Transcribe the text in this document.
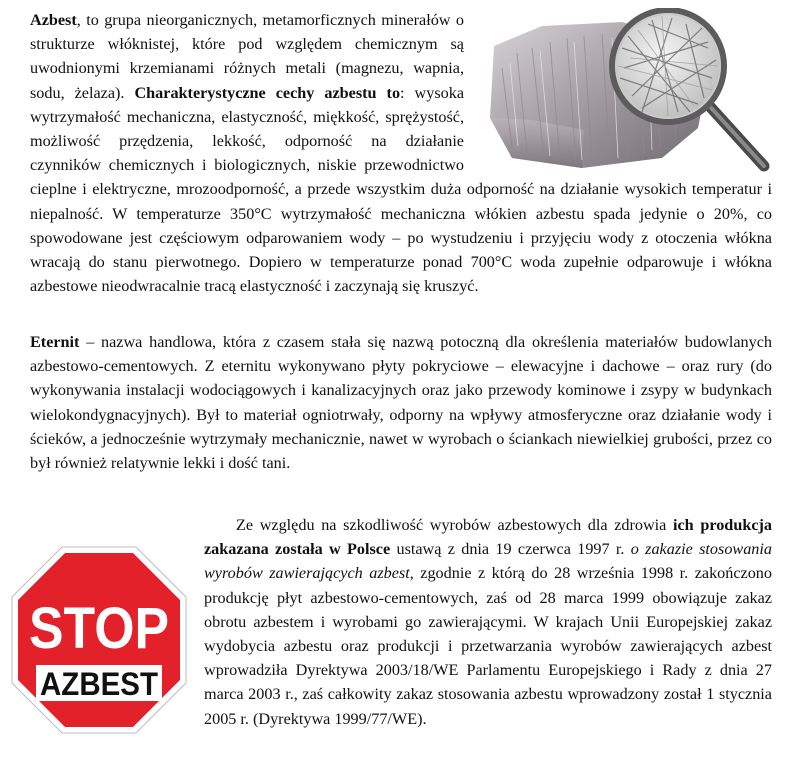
Azbest, to grupa nieorganicznych, metamorficznych minerałów o strukturze włóknistej, które pod względem chemicznym są uwodnionymi krzemianami różnych metali (magnezu, wapnia, sodu, żelaza). Charakterystyczne cechy azbestu to: wysoka wytrzymałość mechaniczna, elastyczność, miękkość, sprężystość, możliwość przędzenia, lekkość, odporność na działanie czynników chemicznych i biologicznych, niskie przewodnictwo cieplne i elektryczne, mrozoodporność, a przede wszystkim duża odporność na działanie wysokich temperatur i niepalność. W temperaturze 350°C wytrzymałość mechaniczna włókien azbestu spada jedynie o 20%, co spowodowane jest częściowym odparowaniem wody – po wystudzeniu i przyjęciu wody z otoczenia włókna wracają do stanu pierwotnego. Dopiero w temperaturze ponad 700°C woda zupełnie odparowuje i włókna azbestowe nieodwracalnie tracą elastyczność i zaczynają się kruszyć.

Eternit – nazwa handlowa, która z czasem stała się nazwą potoczną dla określenia materiałów budowlanych azbestowo-cementowych. Z eternitu wykonywano płyty pokryciowe – elewacyjne i dachowe – oraz rury (do wykonywania instalacji wodociągowych i kanalizacyjnych oraz jako przewody kominowe i zsypy w budynkach wielokondygnacyjnych). Był to materiał ogniotrwały, odporny na wpływy atmosferyczne oraz działanie wody i ścieków, a jednocześnie wytrzymały mechanicznie, nawet w wyrobach o ściankach niewielkiej grubości, przez co był również relatywnie lekki i dość tani.

STOP
AZBEST

Ze względu na szkodliwość wyrobów azbestowych dla zdrowia ich produkcja zakazana została w Polsce ustawą z dnia 19 czerwca 1997 r. o zakazie stosowania wyrobów zawierających azbest, zgodnie z którą do 28 września 1998 r. zakończono produkcję płyt azbestowo-cementowych, zaś od 28 marca 1999 obowiązuje zakaz obrotu azbestem i wyrobami go zawierającymi. W krajach Unii Europejskiej zakaz wydobycia azbestu oraz produkcji i przetwarzania wyrobów zawierających azbest wprowadziła Dyrektywa 2003/18/WE Parlamentu Europejskiego i Rady z dnia 27 marca 2003 r., zaś całkowity zakaz stosowania azbestu wprowadzony został 1 stycznia 2005 r. (Dyrektywa 1999/77/WE).
